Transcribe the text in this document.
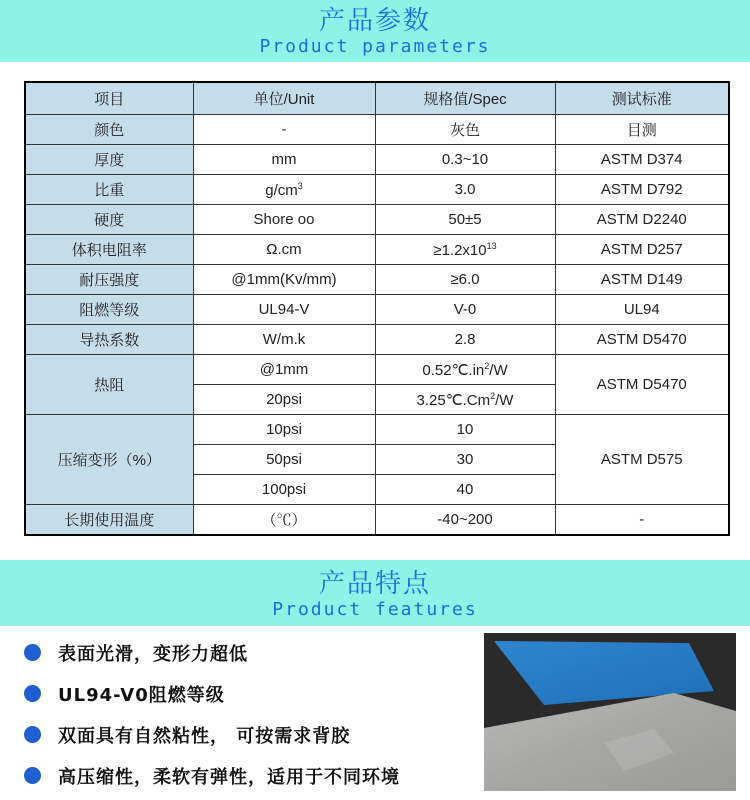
产品参数
Product parameters
项目	单位/Unit	规格值/Spec	测试标准
颜色	-	灰色	目测
厚度	mm	0.3~10	ASTM D374
比重	$g/cm^3$	3.0	ASTM D792
硬度	Shore oo	50±5	ASTM D2240
体积电阻率	Ω.cm	$\ge 1.2x10^{13}$	ASTM D257
耐压强度	@1mm(Kv/mm)	≥6.0	ASTM D149
阻燃等级	UL94-V	V-0	UL94
导热系数	W/m.k	2.8	ASTM D5470
热阻	@1mm	$0.52℃.in^2/W$	ASTM D5470
	20psi	3.25℃.Cm$^2$/W	
压缩变形（%）	10psi	10	ASTM D575
	50psi	30	
	100psi	40	
长期使用温度	（℃）	-40~200	-
产品特点
Product features
表面光滑，变形力超低
UL94-V0阻燃等级
双面具有自然粘性， 可按需求背胶
高压缩性，柔软有弹性，适用于不同环境
